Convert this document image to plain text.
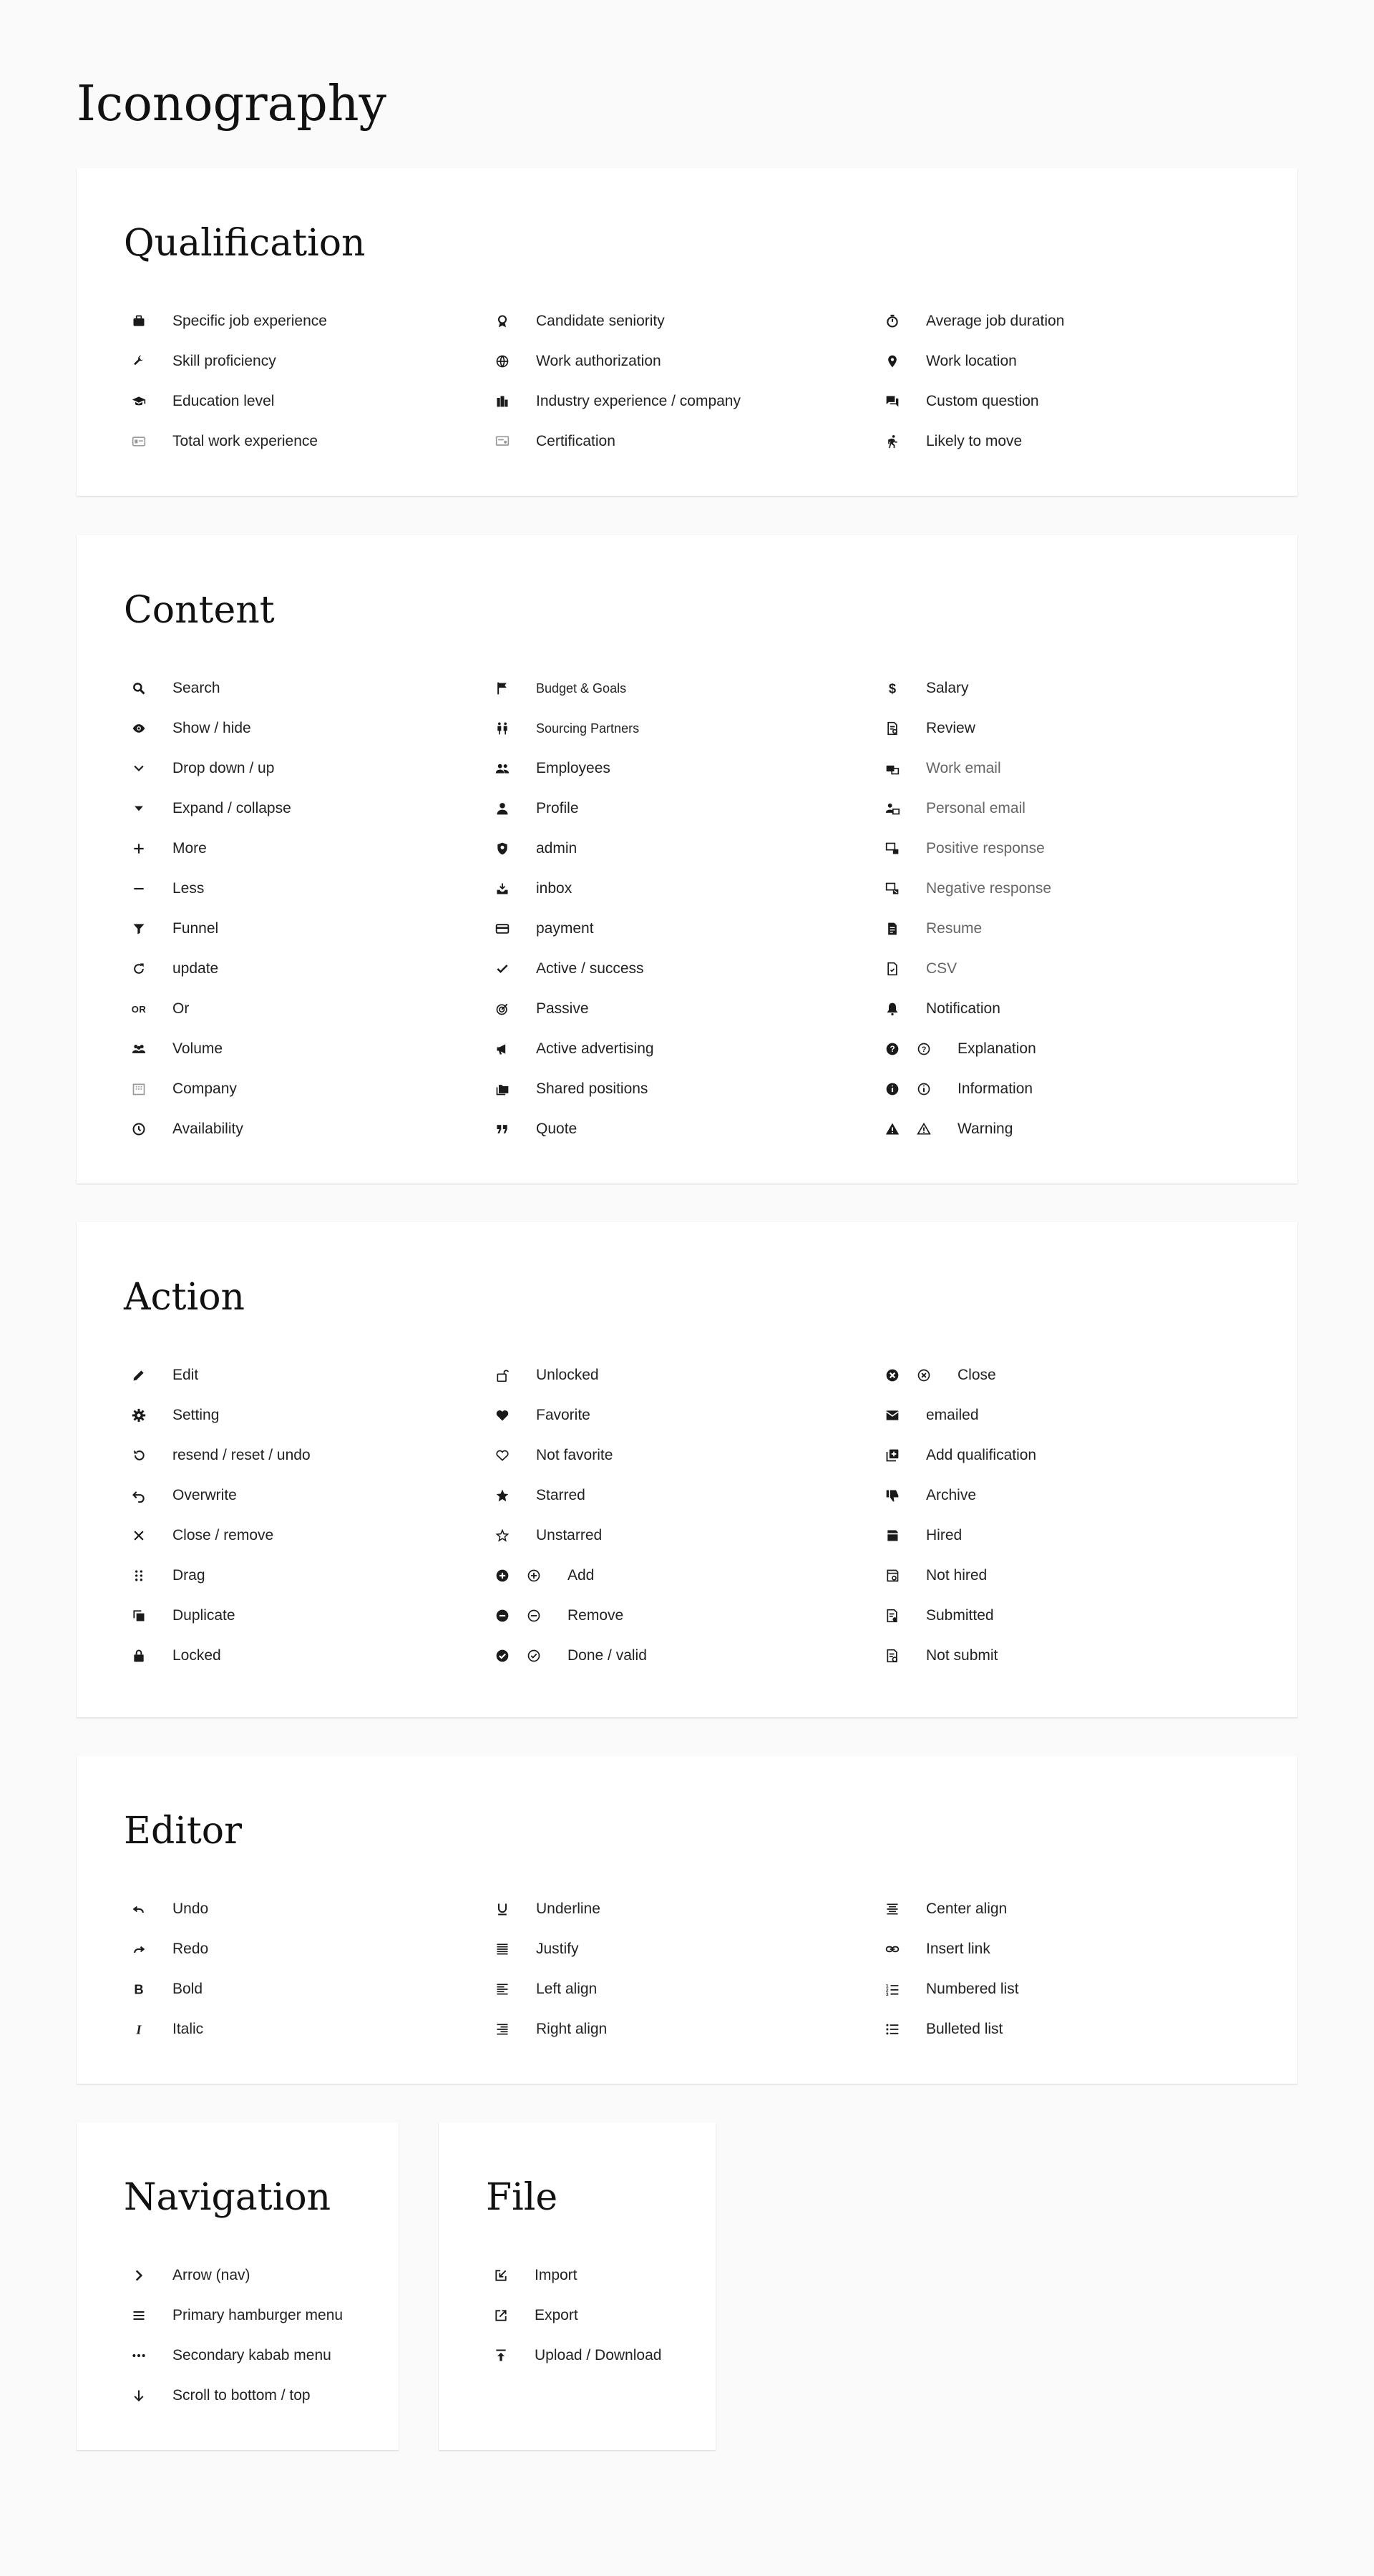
Iconography
Qualification
Specific job experience
Skill proficiency
Education level
Total work experience
Candidate seniority
Work authorization
Industry experience / company
Certification
Average job duration
Work location
Custom question
Likely to move
Content
Search
Show / hide
Drop down / up
Expand / collapse
More
Less
Funnel
update
OR Or
Volume
Company
Availability
Budget & Goals
Sourcing Partners
Employees
Profile
admin
inbox
payment
Active / success
Passive
Active advertising
Shared positions
Quote
$ Salary
Review
Work email
Personal email
Positive response
Negative response
Resume
CSV
Notification
?	? Explanation
Information
Warning
Action
Edit
Setting
resend / reset / undo
Overwrite
Close / remove
Drag
Duplicate
Locked
Unlocked
Favorite
Not favorite
Starred
Unstarred
Add
Remove
Done / valid
Close
emailed
Add qualification
Archive
Hired
Not hired
Submitted
Not submit
Editor
Undo
Redo
B Bold
I Italic
Underline
Justify
Left align
Right align
Center align
Insert link
1
2
3 Numbered list
Bulleted list
Navigation
Arrow (nav)
Primary hamburger menu
Secondary kabab menu
Scroll to bottom / top
File
Import
Export
Upload / Download
